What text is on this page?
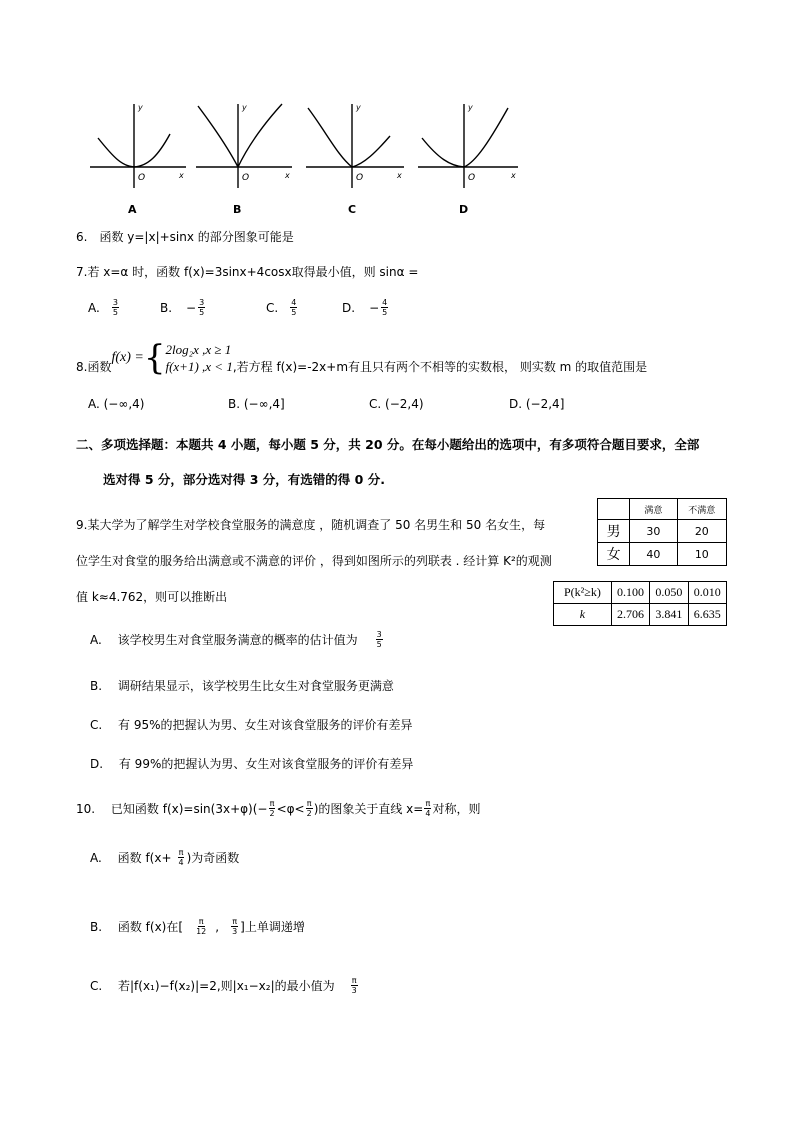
y
x
O
A
y
x
O
B
y
x
O
C
y
x
O
D
6.　函数 y=|x|+sinx 的部分图象可能是
7.若 x=α 时，函数 f(x)=3sinx+4cosx取得最小值，则 sinα =
A. $\frac{3}{5}$	B. − $\frac{3}{5}$	C. $\frac{4}{5}$	D. − $\frac{4}{5}$
8.函数
f(x) = { 2log₂x ,x ≥ 1
f(x+1) ,x < 1 ,若方程 f(x)=-2x+m有且只有两个不相等的实数根， 则实数 m 的取值范围是
A. (−∞,4)	B. (−∞,4]	C. (−2,4)	D. (−2,4]
二、多项选择题：本题共 4 小题，每小题 5 分，共 20 分。在每小题给出的选项中，有多项符合题目要求，全部
选对得 5 分，部分选对得 3 分，有选错的得 0 分.
9.某大学为了解学生对学校食堂服务的满意度 ，随机调查了 50 名男生和 50 名女生，每
位学生对食堂的服务给出满意或不满意的评价 ，得到如图所示的列联表 . 经计算 K²的观测
值 k≈4.762，则可以推断出
	满意	不满意
男	30	20
女	40	10
P(k²≥k)	0.100	0.050	0.010
k	2.706	3.841	6.635
A.　 该学校男生对食堂服务满意的概率的估计值为 $\frac{3}{5}$
B.　 调研结果显示，该学校男生比女生对食堂服务更满意
C.　 有 95%的把握认为男、女生对该食堂服务的评价有差异
D.　 有 99%的把握认为男、女生对该食堂服务的评价有差异
10.　 已知函数 $f(x)=\sin(3x+\varphi)(- \frac{\pi}{2} <\varphi< \frac{\pi}{2}$ )的图象关于直线 $x= \frac{\pi}{4}$ 对称，则
A.　 函数 $f(x+ \frac{\pi}{4}$ )为奇函数
B.　 函数 f(x)在[ $\frac{\pi}{12}$ , $\frac{\pi}{3}$ ]上单调递增
C.　 若|f(x₁)−f(x₂)|=2,则|x₁−x₂|的最小值为 $\frac{\pi}{3}$
